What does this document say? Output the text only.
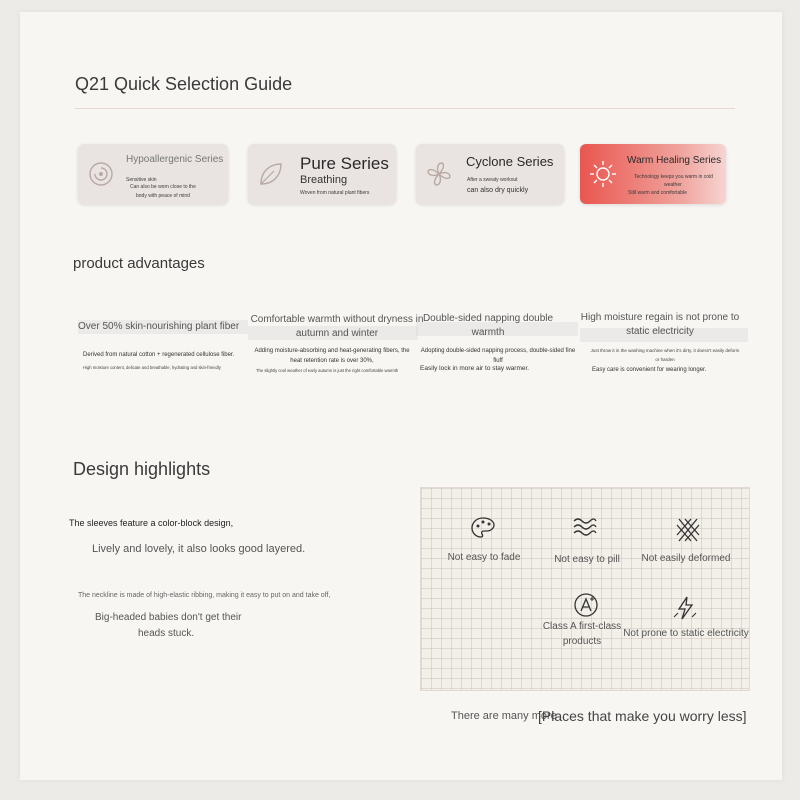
Q21 Quick Selection Guide
Hypoallergenic Series
Sensitive skin
Can also be worn close to the
body with peace of mind
Pure Series
Breathing
Woven from natural plant fibers
Cyclone Series
After a sweaty workout
can also dry quickly
Warm Healing Series
Technology keeps you warm in cold
weather
Still warm and comfortable
product advantages
Over 50% skin-nourishing plant fiber
Derived from natural cotton + regenerated cellulose fiber.
High moisture content, delicate and breathable, hydrating and skin-friendly
Comfortable warmth without dryness in autumn and winter
Adding moisture-absorbing and heat-generating fibers, the heat retention rate is over 30%,
The slightly cool weather of early autumn is just the right comfortable warmth
Double-sided napping double warmth
Adopting double-sided napping process, double-sided fine fluff
Easily lock in more air to stay warmer.
High moisture regain is not prone to static electricity
Just throw it in the washing machine when it's dirty, it doesn't easily deform or harden
Easy care is convenient for wearing longer.
Design highlights
The sleeves feature a color-block design,
Lively and lovely, it also looks good layered.
The neckline is made of high-elastic ribbing, making it easy to put on and take off,
Big-headed babies don't get their
heads stuck.
Not easy to fade	Not easy to pill	Not easily deformed
Class A first-class
products
Not prone to static electricity
There are many more
[Places that make you worry less]
